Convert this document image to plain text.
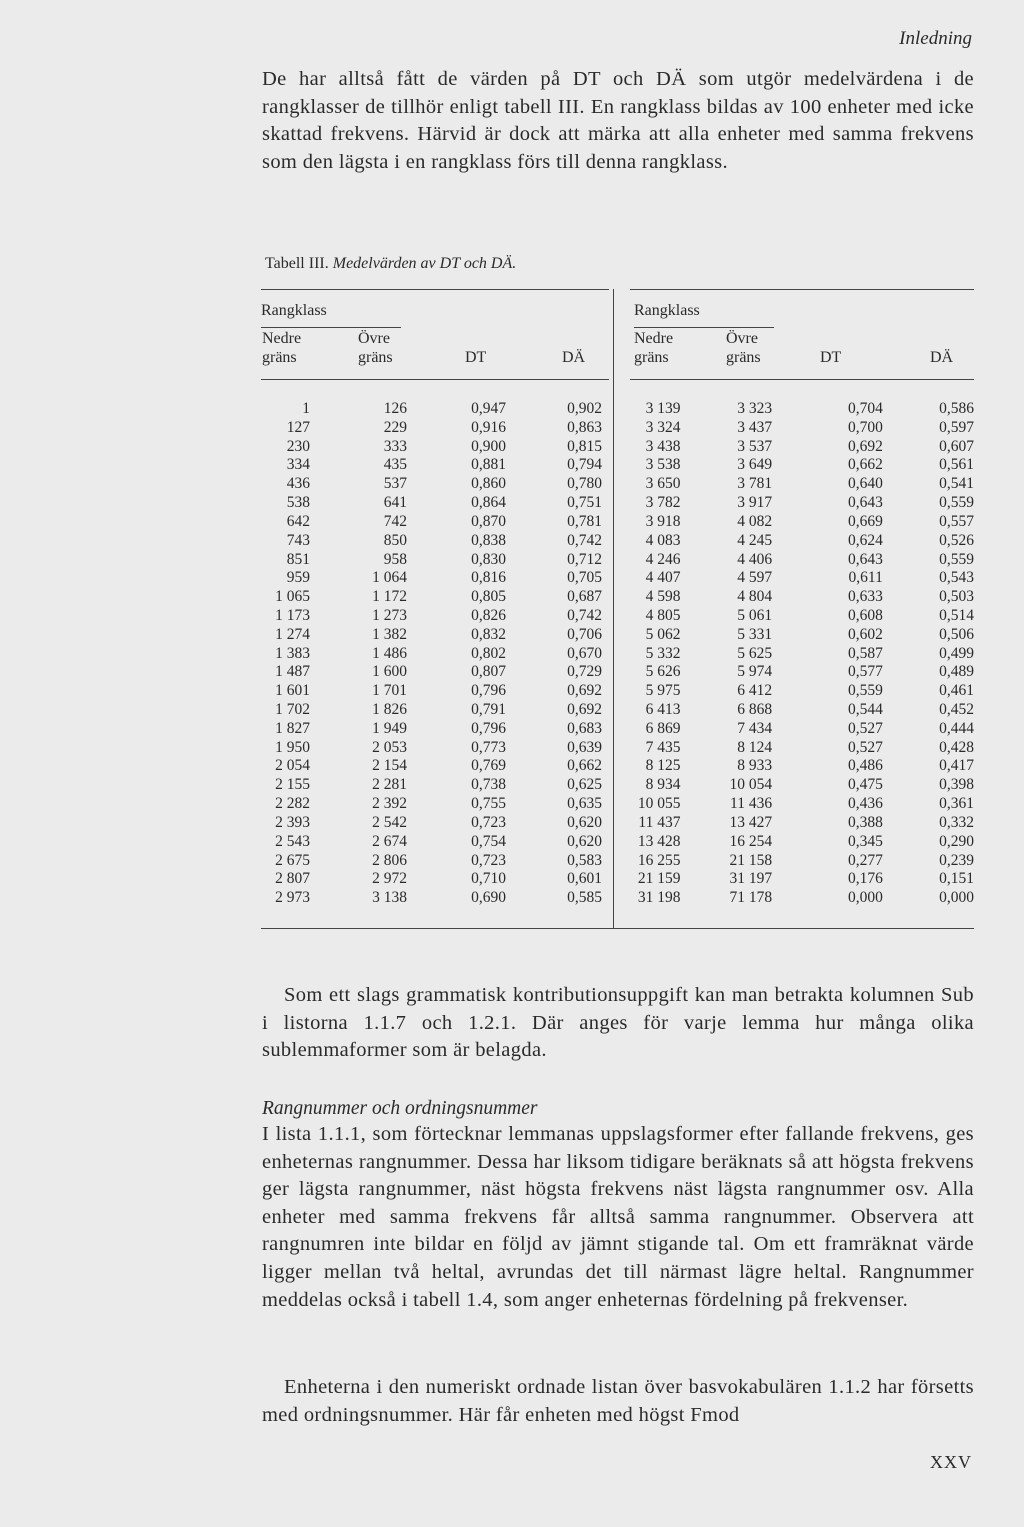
Inledning

De har alltså fått de värden på DT och DÄ som utgör medelvärdena i de rangklasser de tillhör enligt tabell III. En rangklass bildas av 100 enheter med icke skattad frekvens. Härvid är dock att märka att alla enheter med samma frekvens som den lägsta i en rangklass förs till denna rangklass.

Tabell III. Medelvärden av DT och DÄ.
Rangklass
Nedre
gräns
Övre
gräns	DT	DÄ
1	126	0,947	0,902
127	229	0,916	0,863
230	333	0,900	0,815
334	435	0,881	0,794
436	537	0,860	0,780
538	641	0,864	0,751
642	742	0,870	0,781
743	850	0,838	0,742
851	958	0,830	0,712
959	1 064	0,816	0,705
1 065	1 172	0,805	0,687
1 173	1 273	0,826	0,742
1 274	1 382	0,832	0,706
1 383	1 486	0,802	0,670
1 487	1 600	0,807	0,729
1 601	1 701	0,796	0,692
1 702	1 826	0,791	0,692
1 827	1 949	0,796	0,683
1 950	2 053	0,773	0,639
2 054	2 154	0,769	0,662
2 155	2 281	0,738	0,625
2 282	2 392	0,755	0,635
2 393	2 542	0,723	0,620
2 543	2 674	0,754	0,620
2 675	2 806	0,723	0,583
2 807	2 972	0,710	0,601
2 973	3 138	0,690	0,585
Rangklass
Nedre
gräns
Övre
gräns	DT	DÄ
3 139	3 323	0,704	0,586
3 324	3 437	0,700	0,597
3 438	3 537	0,692	0,607
3 538	3 649	0,662	0,561
3 650	3 781	0,640	0,541
3 782	3 917	0,643	0,559
3 918	4 082	0,669	0,557
4 083	4 245	0,624	0,526
4 246	4 406	0,643	0,559
4 407	4 597	0,611	0,543
4 598	4 804	0,633	0,503
4 805	5 061	0,608	0,514
5 062	5 331	0,602	0,506
5 332	5 625	0,587	0,499
5 626	5 974	0,577	0,489
5 975	6 412	0,559	0,461
6 413	6 868	0,544	0,452
6 869	7 434	0,527	0,444
7 435	8 124	0,527	0,428
8 125	8 933	0,486	0,417
8 934	10 054	0,475	0,398
10 055	11 436	0,436	0,361
11 437	13 427	0,388	0,332
13 428	16 254	0,345	0,290
16 255	21 158	0,277	0,239
21 159	31 197	0,176	0,151
31 198	71 178	0,000	0,000

Som ett slags grammatisk kontributionsuppgift kan man betrakta kolumnen Sub i listorna 1.1.7 och 1.2.1. Där anges för varje lemma hur många olika sublemmaformer som är belagda.

Rangnummer och ordningsnummer

I lista 1.1.1, som förtecknar lemmanas uppslagsformer efter fallande frekvens, ges enheternas rangnummer. Dessa har liksom tidigare beräknats så att högsta frekvens ger lägsta rangnummer, näst högsta frekvens näst lägsta rangnummer osv. Alla enheter med samma frekvens får alltså samma rangnummer. Observera att rangnumren inte bildar en följd av jämnt stigande tal. Om ett framräknat värde ligger mellan två heltal, avrundas det till närmast lägre heltal. Rangnummer meddelas också i tabell 1.4, som anger enheternas fördelning på frekvenser.

Enheterna i den numeriskt ordnade listan över basvokabulären 1.1.2 har försetts med ordningsnummer. Här får enheten med högst Fmod

XXV
